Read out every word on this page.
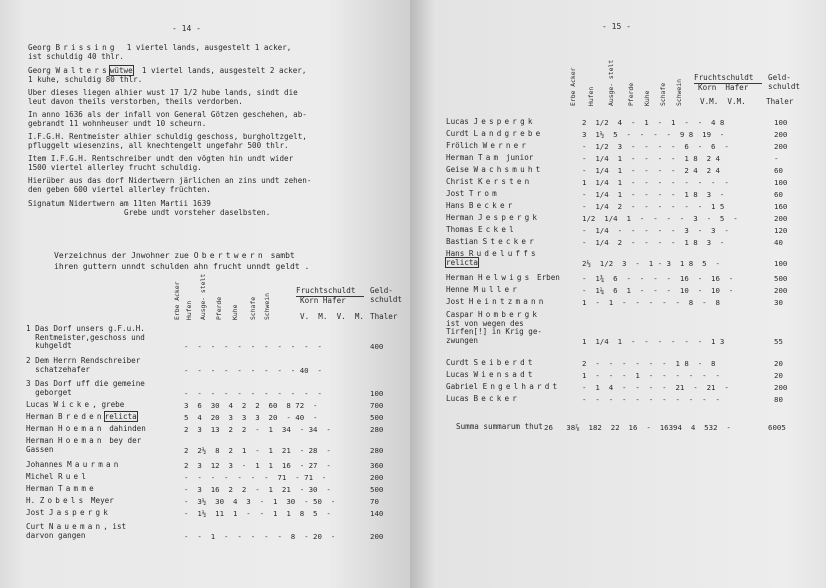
- 14 -
Georg Brissing  1 viertel lands, ausgestelt 1 acker,
ist schuldig 40 thlr.
Georg Walterswütwe  1 viertel lands, ausgestelt 2 acker,
1 kuhe, schuldig 80 thlr.
Uber dieses liegen alhier wust 17 1/2 hube lands, sindt die
leut davon theils verstorben, theils verdorben.
In anno 1636 als der infall von General Götzen geschehen, ab-
gebrandt 11 wohnheuser undt 10 scheurn.
I.F.G.H. Rentmeister alhier schuldig geschoss, burgholtzgelt,
pfluggelt wiesenzins, all knechtengelt ungefahr 500 thlr.
Item I.F.G.H. Rentschreiber undt den vögten hin undt wider
1500 viertel allerley frucht schuldig.
Hierüber aus das dorf Nidertwern järlichen an zins undt zehen-
den geben 600 viertel allerley früchten.
Signatum Nidertwern am 11ten Martii 1639
Grebe undt vorsteher daselbsten.
Verzeichnus der Jnwohner zue Obertwern sambt
ihren guttern unndt schulden ahn frucht unndt geldt .
Erbe Acker Hufen Ausge- stelt Pferde Kuhe Schafe Schwein
Fruchtschuldt
Korn Hafer
V.  M.  V.  M.
Geld-
schuldt
Thaler
1 Das Dorf unsers g.F.u.H.
Rentmeister,geschoss und
kuhgeldt	-  -  -  -  -  -  -  -  -  -  -	400
2 Dem Herrn Rendschreiber
schatzehafer	-  -  -  -  -  -  -  -  - 40  -
3 Das Dorf uff die gemeine
geborget	-  -  -  -  -  -  -  -  -  -  -	100
Lucas Wicke, grebe	3  6  30  4  2  2  60  8 72  -	700
Herman Bredenrelicta	5  4  20  3  3  3  20  - 40  -	500
Herman Hoeman dahinden	2  3  13  2  2  -  1  34  - 34  -	280
Herman Hoeman bey der
Gassen	2  2½  8  2  1  -  1  21  - 28  -	280
Johannes Maurman	2  3  12  3  -  1  1  16  - 27  -	360
Michel Ruel	-  -  -  -  -  -  -  71  - 71  -	200
Herman Tamme	-  3  16  2  2  -  1  21  - 30  -	500
H. Zobels Meyer	-  3½  30  4  3  -  1  30  - 50  -	70
Jost Jaspergk	-  1½  11  1  -  -  1  1  8  5  -	140
Curt Naueman, ist
darvon gangen	-  -  1  -  -  -  -  -  8  - 20  -	200
- 15 -
Erbe Acker Hufen Ausge- stelt Pferde Kuhe Schafe Schwein
Fruchtschuldt
Korn  Hafer
V.M.  V.M.
Geld-
schuldt
Thaler
Lucas Jespergk	2  1/2  4  -  1  -  1  -  -  4 8	100
Curdt Landgrebe	3  1½  5  -  -  -  -  9 8  19  -	200
Frölich Werner	-  1/2  3  -  -  -  -  6  -  6  -	200
Herman Tam junior	-  1/4  1  -  -  -  -  1 8  2 4	-
Geise Wachsmuht	-  1/4  1  -  -  -  -  2 4  2 4	60
Christ Kersten	1  1/4  1  -  -  -  -  -  -  -  -	100
Jost Trom	-  1/4  1  -  -  -  -  1 8  3  -	60
Hans Becker	-  1/4  2  -  -  -  -  -  -  1 5	160
Herman Jespergk	1/2  1/4  1  -  -  -  -  3  -  5  -	200
Thomas Eckel	-  1/4  -  -  -  -  -  3  -  3  -	120
Bastian Stecker	-  1/4  2  -  -  -  -  1 8  3  -	40
Hans Rudeluffs
relicta	2½  1/2  3  -  1 - 3  1 8  5  -	100
Herman Helwigs Erben	-  1¾  6  -  -  -  -  16  -  16  -	500
Henne Muller	-  1¼  6  1  -  -  -  10  -  10  -	200
Jost Heintzmann	1  -  1  -  -  -  -  -  8  -  8	30
Caspar Hombergk
ist von wegen des
Tirfen[!] in Krig ge-
zwungen	1  1/4  1  -  -  -  -  -  -  1 3	55
Curdt Seiberdt	2  -  -  -  -  -  -  1 8  -  8	20
Lucas Wiensadt	1  -  -  -  1  -  -  -  -  -  -	20
Gabriel Engelhardt	-  1  4  -  -  -  -  21  -  21  -	200
Lucas Becker	-  -  -  -  -  -  -  -  -  -  -	80
Summa summarum thut 26   38⅞  182  22  16  -  16394  4  532  -	6005
